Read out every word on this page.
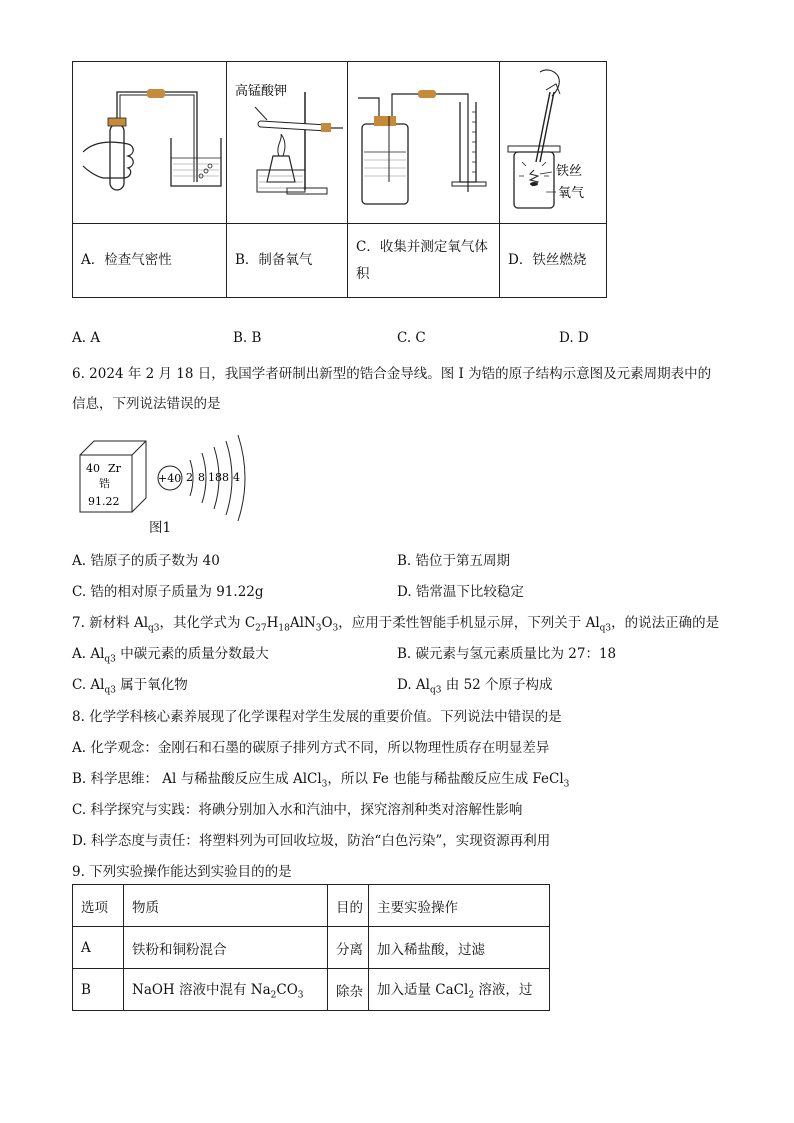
高锰酸钾		铁丝
氧气

A．检查气密性	B．制备氧气	C．收集并测定氧气体积	D．铁丝燃烧
A. A	B. B	C. C	D. D
6. 2024 年 2 月 18 日，我国学者研制出新型的锆合金导线。图 I 为锆的原子结构示意图及元素周期表中的
信息，下列说法错误的是
40 Zr
锆
91.22
+40 2 8 18 8 4
图1
A. 锆原子的质子数为 40	B. 锆位于第五周期
C. 锆的相对原子质量为 91.22g	D. 锆常温下比较稳定
7. 新材料 $Al_{q3}$，其化学式为 $C_{27}H_{18}AlN_3O_3$，应用于柔性智能手机显示屏，下列关于 $Al_{q3}$，的说法正确的是
A. $Al_{q3}$ 中碳元素的质量分数最大	B. 碳元素与氢元素质量比为 27：18
C. $Al_{q3}$ 属于氧化物	D. $Al_{q3}$ 由 52 个原子构成
8. 化学学科核心素养展现了化学课程对学生发展的重要价值。下列说法中错误的是
A. 化学观念：金刚石和石墨的碳原子排列方式不同，所以物理性质存在明显差异
B. 科学思维： Al 与稀盐酸反应生成 AlCl$_3$，所以 Fe 也能与稀盐酸反应生成 FeCl$_3$
C. 科学探究与实践：将碘分别加入水和汽油中，探究溶剂种类对溶解性影响
D. 科学态度与责任：将塑料列为可回收垃圾，防治“白色污染”，实现资源再利用
9. 下列实验操作能达到实验目的的是
选项	物质	目的	主要实验操作
A	铁粉和铜粉混合	分离	加入稀盐酸，过滤
B	NaOH 溶液中混有 $Na_2CO_3$	除杂	加入适量 CaCl$_2$ 溶液，过
